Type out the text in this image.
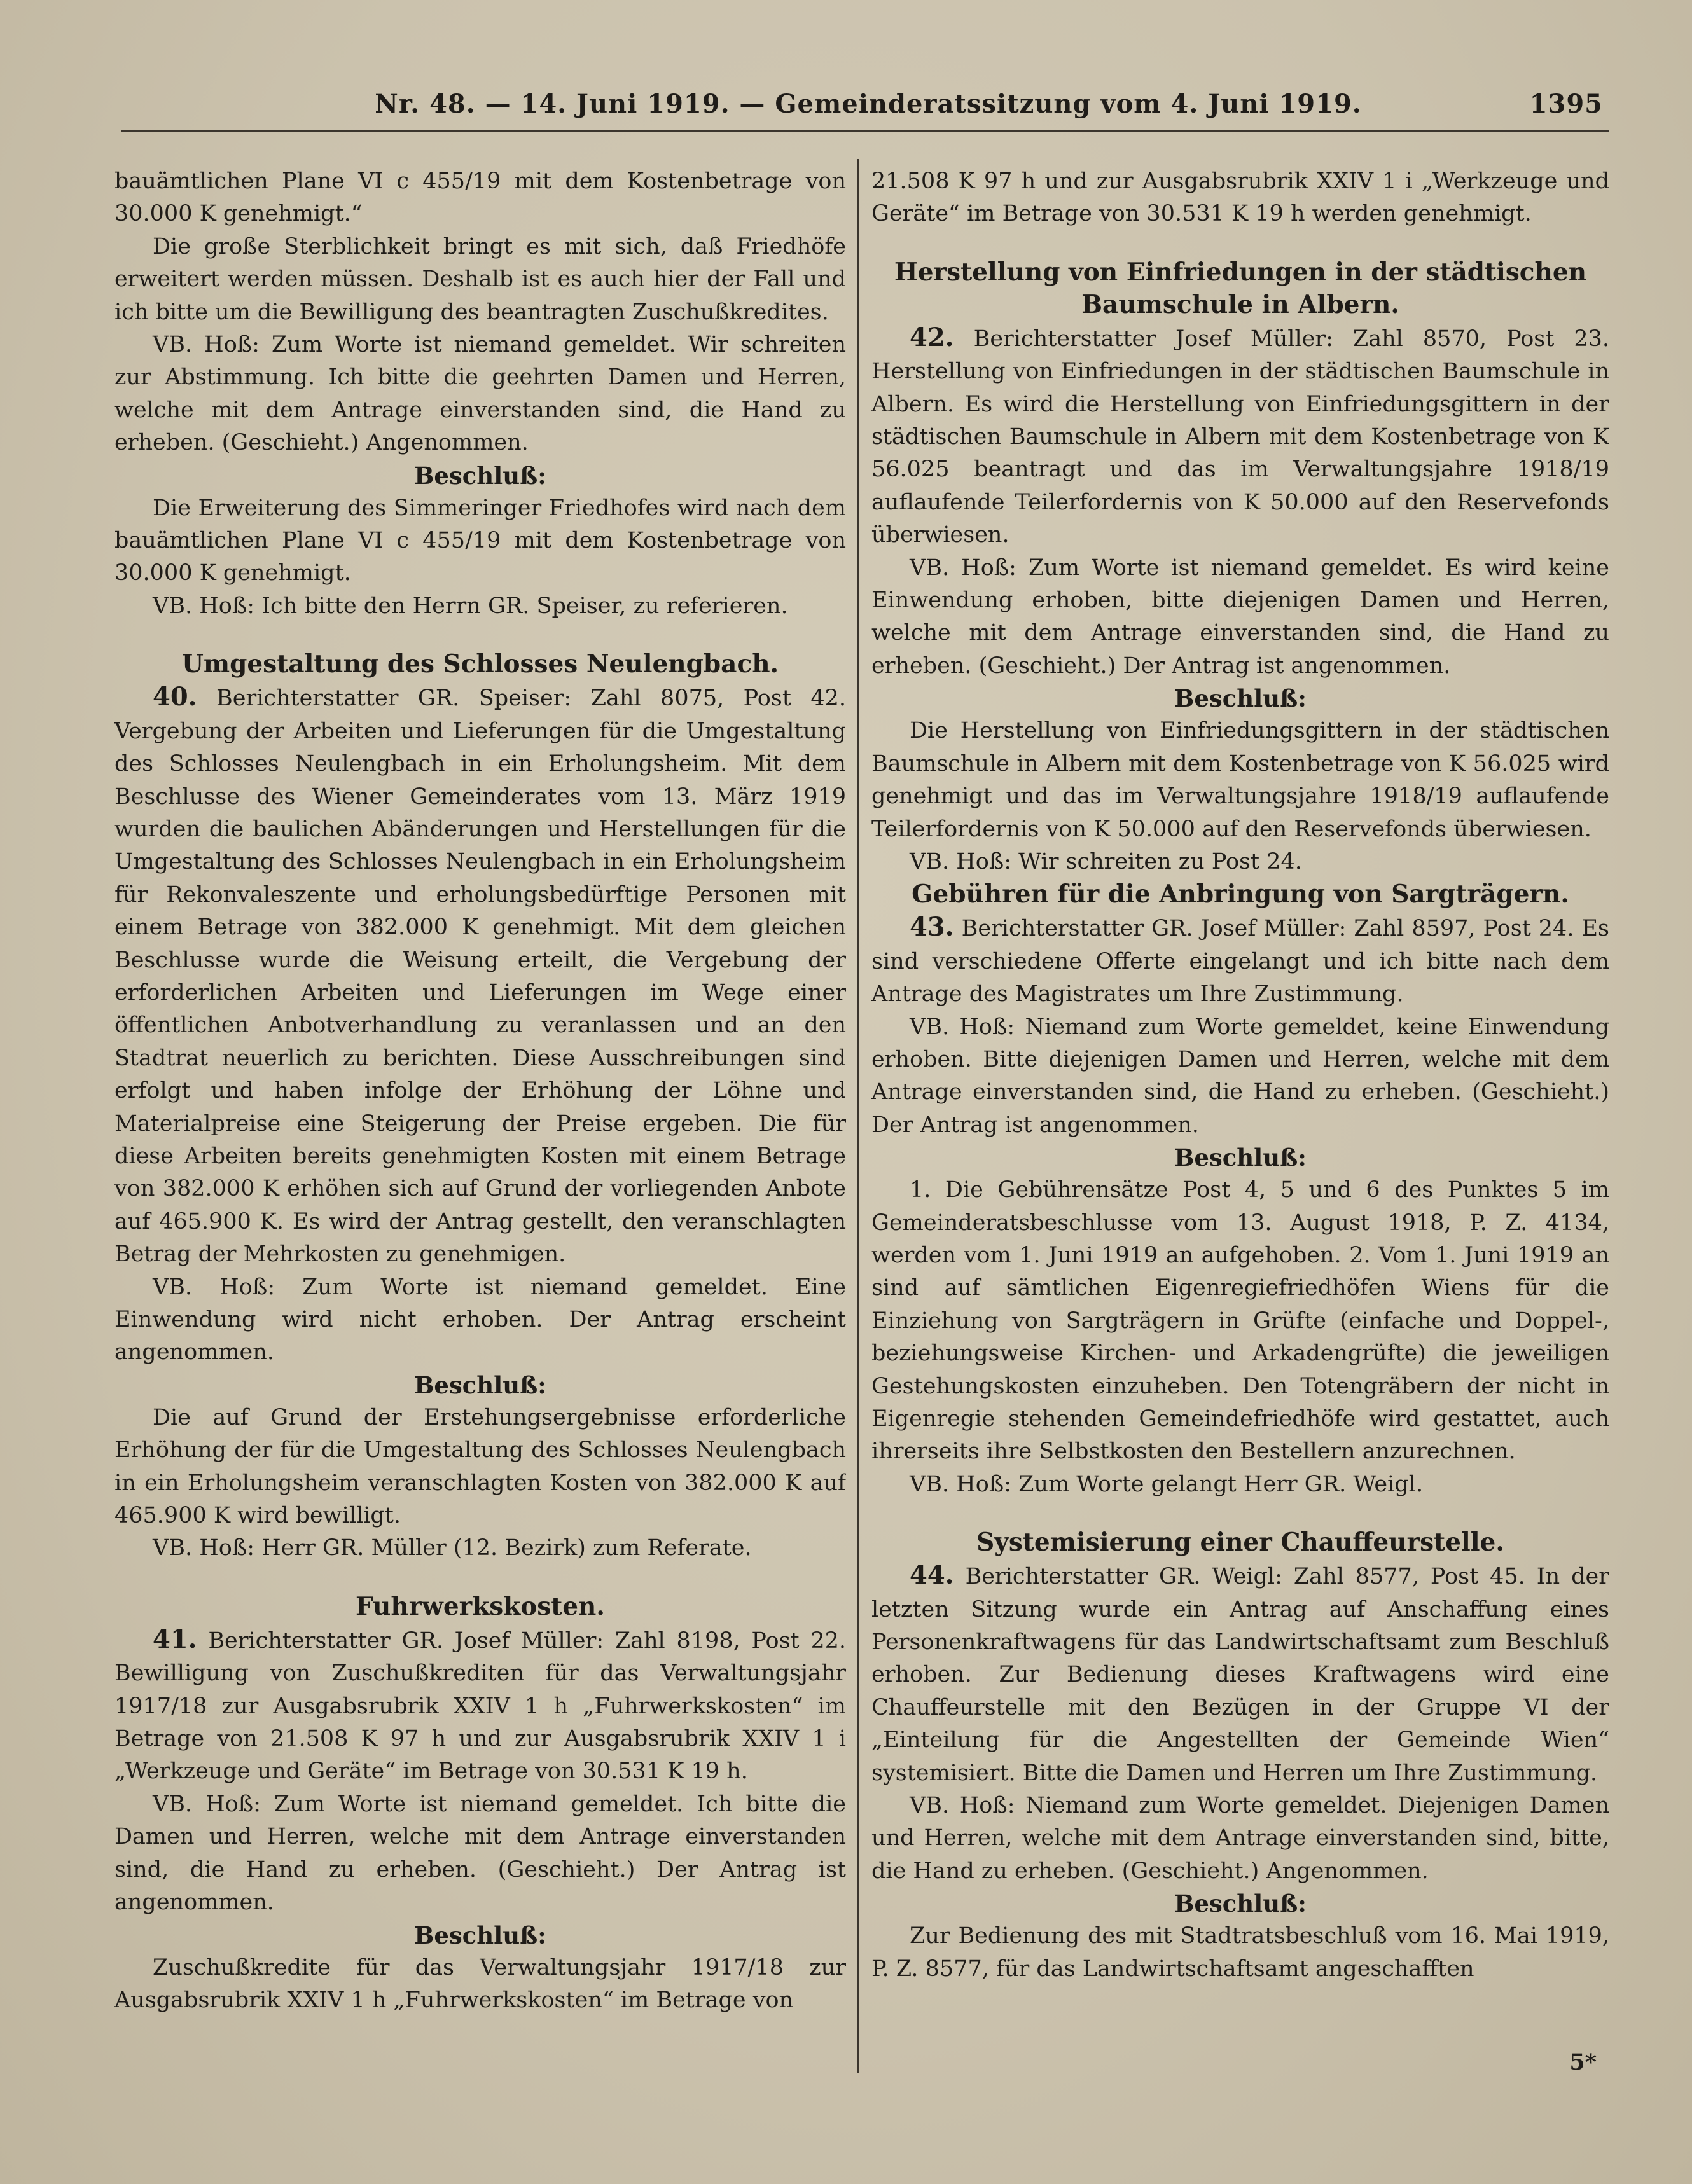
Nr. 48. — 14. Juni 1919. — Gemeinderatssitzung vom 4. Juni 1919.	1395

bauämtlichen Plane VI c 455/19 mit dem Kostenbetrage von 30.000 K genehmigt.“

Die große Sterblichkeit bringt es mit sich, daß Friedhöfe erweitert werden müssen. Deshalb ist es auch hier der Fall und ich bitte um die Bewilligung des beantragten Zuschußkredites.

VB. Hoß: Zum Worte ist niemand gemeldet. Wir schreiten zur Abstimmung. Ich bitte die geehrten Damen und Herren, welche mit dem Antrage einverstanden sind, die Hand zu erheben. (Geschieht.) Angenommen.

Beschluß:

Die Erweiterung des Simmeringer Friedhofes wird nach dem bauämtlichen Plane VI c 455/19 mit dem Kostenbetrage von 30.000 K genehmigt.

VB. Hoß: Ich bitte den Herrn GR. Speiser, zu referieren.

Umgestaltung des Schlosses Neulengbach.

40. Berichterstatter GR. Speiser: Zahl 8075, Post 42. Vergebung der Arbeiten und Lieferungen für die Umgestaltung des Schlosses Neulengbach in ein Erholungsheim. Mit dem Beschlusse des Wiener Gemeinderates vom 13. März 1919 wurden die baulichen Abänderungen und Herstellungen für die Umgestaltung des Schlosses Neulengbach in ein Erholungsheim für Rekonvaleszente und erholungsbedürftige Personen mit einem Betrage von 382.000 K genehmigt. Mit dem gleichen Beschlusse wurde die Weisung erteilt, die Vergebung der erforderlichen Arbeiten und Lieferungen im Wege einer öffentlichen Anbotverhandlung zu veranlassen und an den Stadtrat neuerlich zu berichten. Diese Ausschreibungen sind erfolgt und haben infolge der Erhöhung der Löhne und Materialpreise eine Steigerung der Preise ergeben. Die für diese Arbeiten bereits genehmigten Kosten mit einem Betrage von 382.000 K erhöhen sich auf Grund der vorliegenden Anbote auf 465.900 K. Es wird der Antrag gestellt, den veranschlagten Betrag der Mehrkosten zu genehmigen.

VB. Hoß: Zum Worte ist niemand gemeldet. Eine Einwendung wird nicht erhoben. Der Antrag erscheint angenommen.

Beschluß:

Die auf Grund der Erstehungsergebnisse erforderliche Erhöhung der für die Umgestaltung des Schlosses Neulengbach in ein Erholungsheim veranschlagten Kosten von 382.000 K auf 465.900 K wird bewilligt.

VB. Hoß: Herr GR. Müller (12. Bezirk) zum Referate.

Fuhrwerkskosten.

41. Berichterstatter GR. Josef Müller: Zahl 8198, Post 22. Bewilligung von Zuschußkrediten für das Verwaltungsjahr 1917/18 zur Ausgabsrubrik XXIV 1 h „Fuhrwerkskosten“ im Betrage von 21.508 K 97 h und zur Ausgabsrubrik XXIV 1 i „Werkzeuge und Geräte“ im Betrage von 30.531 K 19 h.

VB. Hoß: Zum Worte ist niemand gemeldet. Ich bitte die Damen und Herren, welche mit dem Antrage einverstanden sind, die Hand zu erheben. (Geschieht.) Der Antrag ist angenommen.

Beschluß:

Zuschußkredite für das Verwaltungsjahr 1917/18 zur Ausgabsrubrik XXIV 1 h „Fuhrwerkskosten“ im Betrage von

21.508 K 97 h und zur Ausgabsrubrik XXIV 1 i „Werkzeuge und Geräte“ im Betrage von 30.531 K 19 h werden genehmigt.

Herstellung von Einfriedungen in der städtischen Baumschule in Albern.

42. Berichterstatter Josef Müller: Zahl 8570, Post 23. Herstellung von Einfriedungen in der städtischen Baumschule in Albern. Es wird die Herstellung von Einfriedungsgittern in der städtischen Baumschule in Albern mit dem Kostenbetrage von K 56.025 beantragt und das im Verwaltungsjahre 1918/19 auflaufende Teilerfordernis von K 50.000 auf den Reservefonds überwiesen.

VB. Hoß: Zum Worte ist niemand gemeldet. Es wird keine Einwendung erhoben, bitte diejenigen Damen und Herren, welche mit dem Antrage einverstanden sind, die Hand zu erheben. (Geschieht.) Der Antrag ist angenommen.

Beschluß:

Die Herstellung von Einfriedungsgittern in der städtischen Baumschule in Albern mit dem Kostenbetrage von K 56.025 wird genehmigt und das im Verwaltungsjahre 1918/19 auflaufende Teilerfordernis von K 50.000 auf den Reservefonds überwiesen.

VB. Hoß: Wir schreiten zu Post 24.

Gebühren für die Anbringung von Sargträgern.

43. Berichterstatter GR. Josef Müller: Zahl 8597, Post 24. Es sind verschiedene Offerte eingelangt und ich bitte nach dem Antrage des Magistrates um Ihre Zustimmung.

VB. Hoß: Niemand zum Worte gemeldet, keine Einwendung erhoben. Bitte diejenigen Damen und Herren, welche mit dem Antrage einverstanden sind, die Hand zu erheben. (Geschieht.) Der Antrag ist angenommen.

Beschluß:

1. Die Gebührensätze Post 4, 5 und 6 des Punktes 5 im Gemeinderatsbeschlusse vom 13. August 1918, P. Z. 4134, werden vom 1. Juni 1919 an aufgehoben. 2. Vom 1. Juni 1919 an sind auf sämtlichen Eigenregiefriedhöfen Wiens für die Einziehung von Sargträgern in Grüfte (einfache und Doppel-, beziehungsweise Kirchen- und Arkadengrüfte) die jeweiligen Gestehungskosten einzuheben. Den Totengräbern der nicht in Eigenregie stehenden Gemeindefriedhöfe wird gestattet, auch ihrerseits ihre Selbstkosten den Bestellern anzurechnen.

VB. Hoß: Zum Worte gelangt Herr GR. Weigl.

Systemisierung einer Chauffeurstelle.

44. Berichterstatter GR. Weigl: Zahl 8577, Post 45. In der letzten Sitzung wurde ein Antrag auf Anschaffung eines Personenkraftwagens für das Landwirtschaftsamt zum Beschluß erhoben. Zur Bedienung dieses Kraftwagens wird eine Chauffeurstelle mit den Bezügen in der Gruppe VI der „Einteilung für die Angestellten der Gemeinde Wien“ systemisiert. Bitte die Damen und Herren um Ihre Zustimmung.

VB. Hoß: Niemand zum Worte gemeldet. Diejenigen Damen und Herren, welche mit dem Antrage einverstanden sind, bitte, die Hand zu erheben. (Geschieht.) Angenommen.

Beschluß:

Zur Bedienung des mit Stadtratsbeschluß vom 16. Mai 1919, P. Z. 8577, für das Landwirtschaftsamt angeschafften

5*
